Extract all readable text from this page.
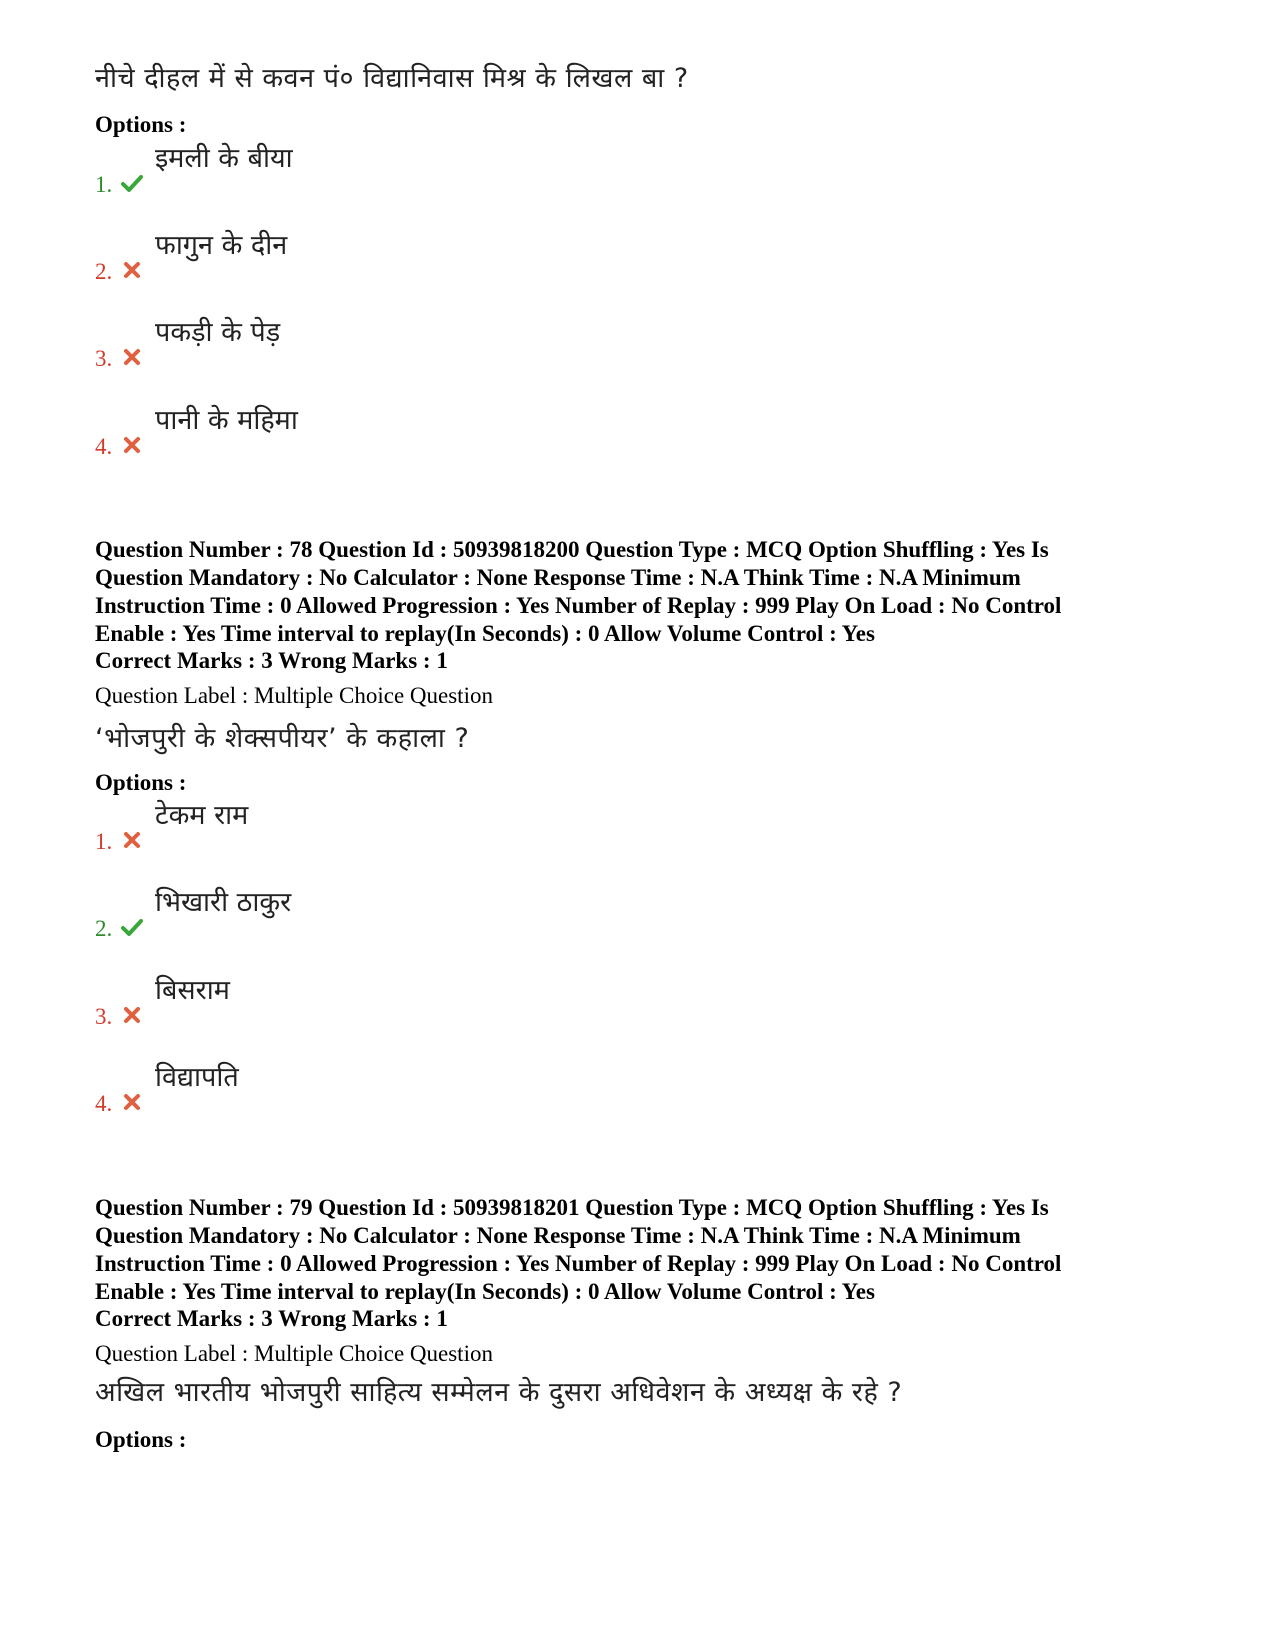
नीचे दीहल में से कवन पं० विद्यानिवास मिश्र के लिखल बा ?
Options :
1.
इमली के बीया
2.
फागुन के दीन
3.
पकड़ी के पेड़
4.
पानी के महिमा
Question Number : 78 Question Id : 50939818200 Question Type : MCQ Option Shuffling : Yes Is
Question Mandatory : No Calculator : None Response Time : N.A Think Time : N.A Minimum
Instruction Time : 0 Allowed Progression : Yes Number of Replay : 999 Play On Load : No Control
Enable : Yes Time interval to replay(In Seconds) : 0 Allow Volume Control : Yes
Correct Marks : 3 Wrong Marks : 1
Question Label : Multiple Choice Question
‘भोजपुरी के शेक्सपीयर’ के कहाला ?
Options :
1.
टेकम राम
2.
भिखारी ठाकुर
3.
बिसराम
4.
विद्यापति
Question Number : 79 Question Id : 50939818201 Question Type : MCQ Option Shuffling : Yes Is
Question Mandatory : No Calculator : None Response Time : N.A Think Time : N.A Minimum
Instruction Time : 0 Allowed Progression : Yes Number of Replay : 999 Play On Load : No Control
Enable : Yes Time interval to replay(In Seconds) : 0 Allow Volume Control : Yes
Correct Marks : 3 Wrong Marks : 1
Question Label : Multiple Choice Question
अखिल भारतीय भोजपुरी साहित्य सम्मेलन के दुसरा अधिवेशन के अध्यक्ष के रहे ?
Options :
